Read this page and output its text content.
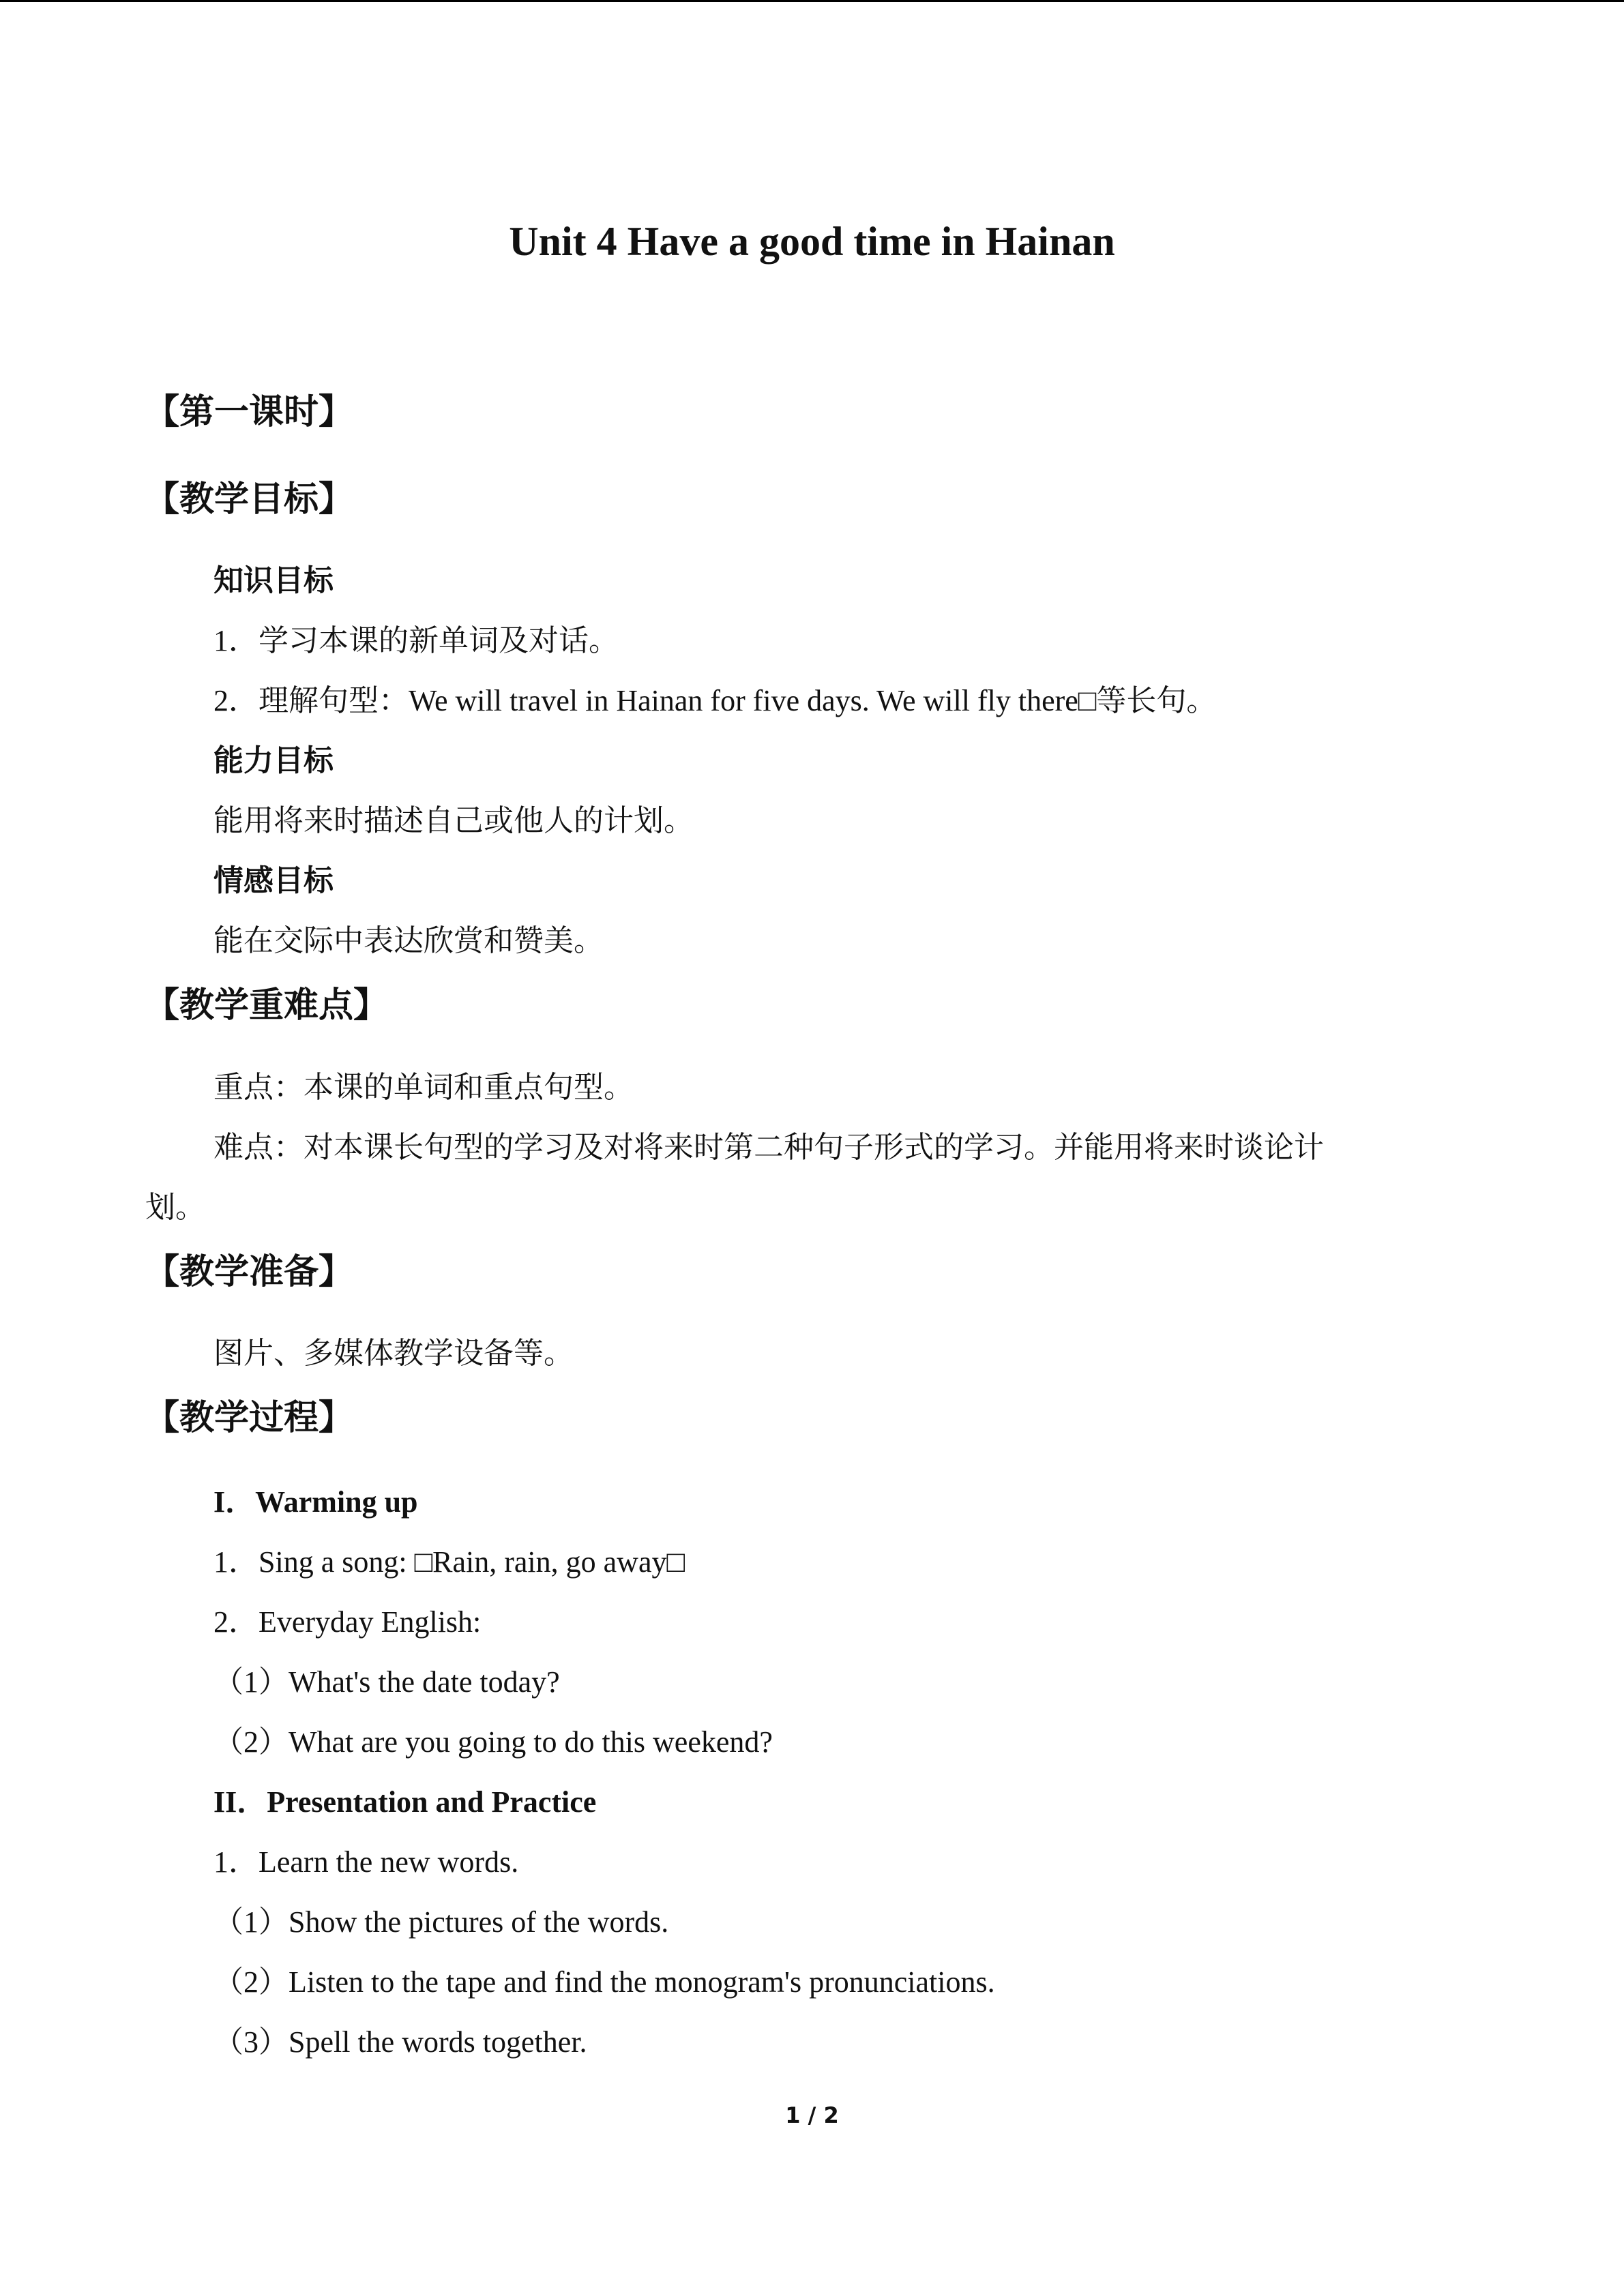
Unit 4 Have a good time in Hainan
【第一课时】
【教学目标】
知识目标
1．学习本课的新单词及对话。
2．理解句型：We will travel in Hainan for five days. We will fly there□等长句。
能力目标
能用将来时描述自己或他人的计划。
情感目标
能在交际中表达欣赏和赞美。
【教学重难点】
重点：本课的单词和重点句型。
难点：对本课长句型的学习及对将来时第二种句子形式的学习。并能用将来时谈论计
划。
【教学准备】
图片、多媒体教学设备等。
【教学过程】
I．Warming up
1．Sing a song: □Rain, rain, go away□
2．Everyday English:
（1）What's the date today?
（2）What are you going to do this weekend?
II．Presentation and Practice
1．Learn the new words.
（1）Show the pictures of the words.
（2）Listen to the tape and find the monogram's pronunciations.
（3）Spell the words together.
1 / 2
